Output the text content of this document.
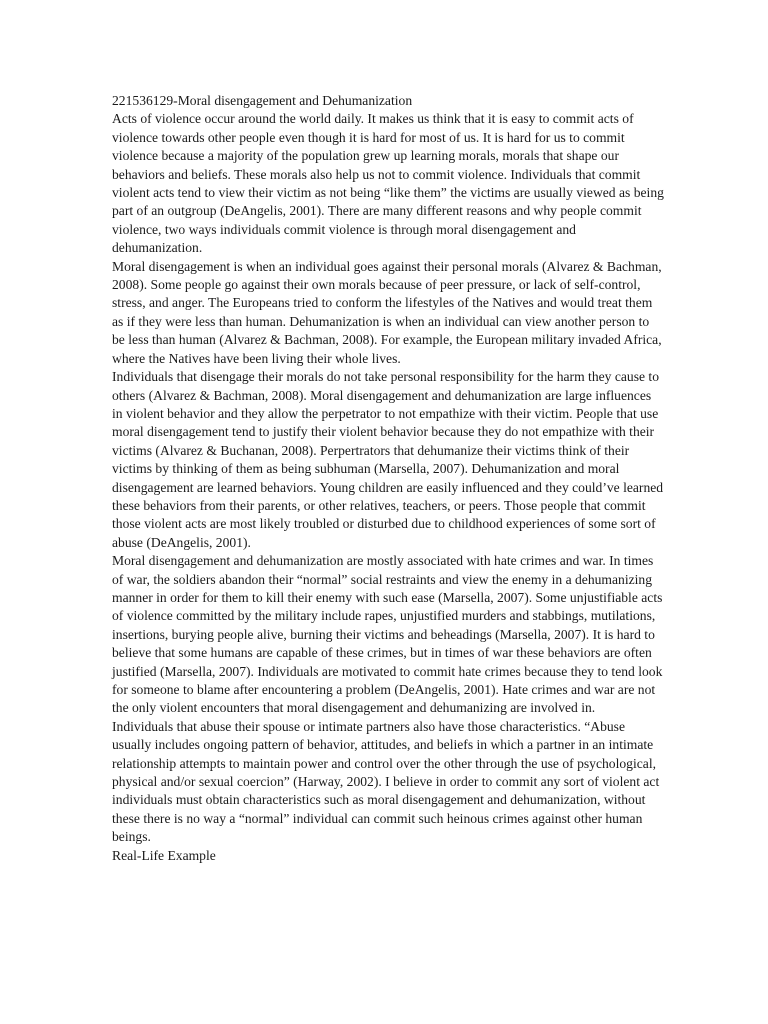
221536129-Moral disengagement and Dehumanization

Acts of violence occur around the world daily. It makes us think that it is easy to commit acts of violence towards other people even though it is hard for most of us. It is hard for us to commit violence because a majority of the population grew up learning morals, morals that shape our behaviors and beliefs. These morals also help us not to commit violence. Individuals that commit violent acts tend to view their victim as not being “like them” the victims are usually viewed as being part of an outgroup (DeAngelis, 2001). There are many different reasons and why people commit violence, two ways individuals commit violence is through moral disengagement and dehumanization.

Moral disengagement is when an individual goes against their personal morals (Alvarez & Bachman, 2008). Some people go against their own morals because of peer pressure, or lack of self-control, stress, and anger. The Europeans tried to conform the lifestyles of the Natives and would treat them as if they were less than human. Dehumanization is when an individual can view another person to be less than human (Alvarez & Bachman, 2008). For example, the European military invaded Africa, where the Natives have been living their whole lives.

Individuals that disengage their morals do not take personal responsibility for the harm they cause to others (Alvarez & Bachman, 2008). Moral disengagement and dehumanization are large influences in violent behavior and they allow the perpetrator to not empathize with their victim. People that use moral disengagement tend to justify their violent behavior because they do not empathize with their victims (Alvarez & Buchanan, 2008). Perpertrators that dehumanize their victims think of their victims by thinking of them as being subhuman (Marsella, 2007). Dehumanization and moral disengagement are learned behaviors. Young children are easily influenced and they could’ve learned these behaviors from their parents, or other relatives, teachers, or peers. Those people that commit those violent acts are most likely troubled or disturbed due to childhood experiences of some sort of abuse (DeAngelis, 2001).

Moral disengagement and dehumanization are mostly associated with hate crimes and war. In times of war, the soldiers abandon their “normal” social restraints and view the enemy in a dehumanizing manner in order for them to kill their enemy with such ease (Marsella, 2007). Some unjustifiable acts of violence committed by the military include rapes, unjustified murders and stabbings, mutilations, insertions, burying people alive, burning their victims and beheadings (Marsella, 2007). It is hard to believe that some humans are capable of these crimes, but in times of war these behaviors are often justified (Marsella, 2007). Individuals are motivated to commit hate crimes because they to tend look for someone to blame after encountering a problem (DeAngelis, 2001). Hate crimes and war are not the only violent encounters that moral disengagement and dehumanizing are involved in.

Individuals that abuse their spouse or intimate partners also have those characteristics. “Abuse usually includes ongoing pattern of behavior, attitudes, and beliefs in which a partner in an intimate relationship attempts to maintain power and control over the other through the use of psychological, physical and/or sexual coercion” (Harway, 2002). I believe in order to commit any sort of violent act individuals must obtain characteristics such as moral disengagement and dehumanization, without these there is no way a “normal” individual can commit such heinous crimes against other human beings.

Real-Life Example
